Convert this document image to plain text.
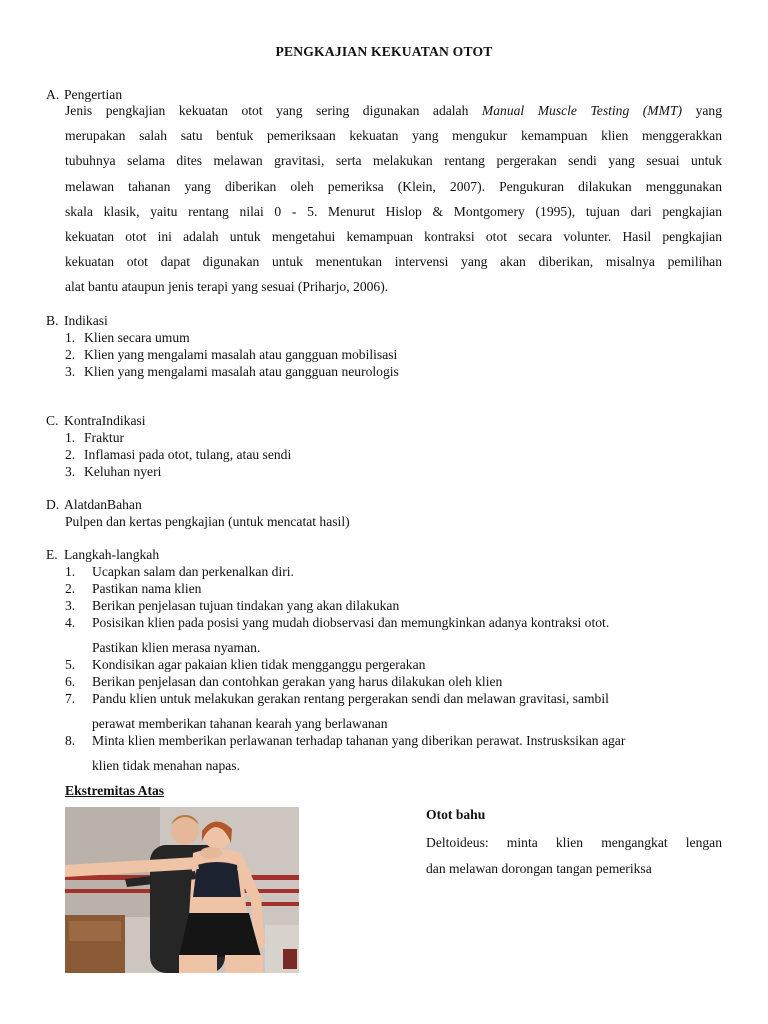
PENGKAJIAN KEKUATAN OTOT
A. Pengertian
Jenis pengkajian kekuatan otot yang sering digunakan adalah Manual Muscle Testing (MMT) yang
merupakan salah satu bentuk pemeriksaan kekuatan yang mengukur kemampuan klien menggerakkan
tubuhnya selama dites melawan gravitasi, serta melakukan rentang pergerakan sendi yang sesuai untuk
melawan tahanan yang diberikan oleh pemeriksa (Klein, 2007). Pengukuran dilakukan menggunakan
skala klasik, yaitu rentang nilai 0 - 5. Menurut Hislop & Montgomery (1995), tujuan dari pengkajian
kekuatan otot ini adalah untuk mengetahui kemampuan kontraksi otot secara volunter. Hasil pengkajian
kekuatan otot dapat digunakan untuk menentukan intervensi yang akan diberikan, misalnya pemilihan
alat bantu ataupun jenis terapi yang sesuai (Priharjo, 2006).
B. Indikasi
1. Klien secara umum
2. Klien yang mengalami masalah atau gangguan mobilisasi
3. Klien yang mengalami masalah atau gangguan neurologis
C. KontraIndikasi
1. Fraktur
2. Inflamasi pada otot, tulang, atau sendi
3. Keluhan nyeri
D. AlatdanBahan
Pulpen dan kertas pengkajian (untuk mencatat hasil)
E. Langkah-langkah
1. Ucapkan salam dan perkenalkan diri.
2. Pastikan nama klien
3. Berikan penjelasan tujuan tindakan yang akan dilakukan
4. Posisikan klien pada posisi yang mudah diobservasi dan memungkinkan adanya kontraksi otot.
Pastikan klien merasa nyaman.
5. Kondisikan agar pakaian klien tidak mengganggu pergerakan
6. Berikan penjelasan dan contohkan gerakan yang harus dilakukan oleh klien
7. Pandu klien untuk melakukan gerakan rentang pergerakan sendi dan melawan gravitasi, sambil
perawat memberikan tahanan kearah yang berlawanan
8. Minta klien memberikan perlawanan terhadap tahanan yang diberikan perawat. Instrusksikan agar
klien tidak menahan napas.
Ekstremitas Atas
Otot bahu
Deltoideus: minta klien mengangkat lengan
dan melawan dorongan tangan pemeriksa
